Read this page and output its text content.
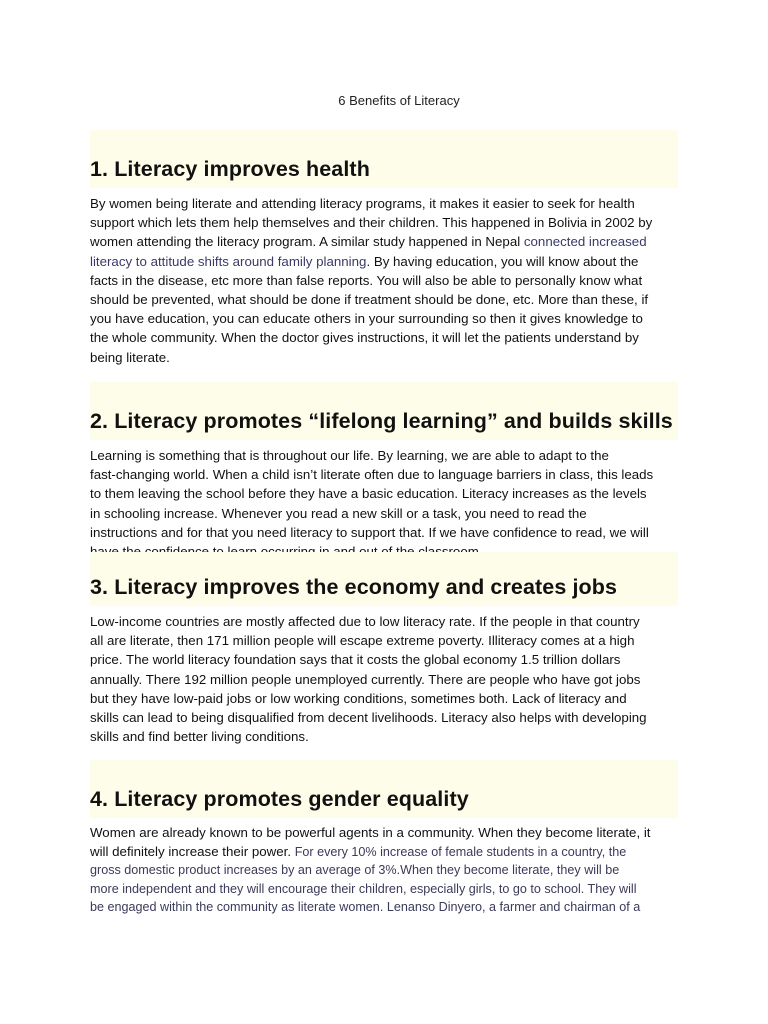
6 Benefits of Literacy
1. Literacy improves health
By women being literate and attending literacy programs, it makes it easier to seek for health
support which lets them help themselves and their children. This happened in Bolivia in 2002 by
women attending the literacy program. A similar study happened in Nepal connected increased
literacy to attitude shifts around family planning. By having education, you will know about the
facts in the disease, etc more than false reports. You will also be able to personally know what
should be prevented, what should be done if treatment should be done, etc. More than these, if
you have education, you can educate others in your surrounding so then it gives knowledge to
the whole community. When the doctor gives instructions, it will let the patients understand by
being literate.
2. Literacy promotes “lifelong learning” and builds skills
Learning is something that is throughout our life. By learning, we are able to adapt to the
fast-changing world. When a child isn’t literate often due to language barriers in class, this leads
to them leaving the school before they have a basic education. Literacy increases as the levels
in schooling increase. Whenever you read a new skill or a task, you need to read the
instructions and for that you need literacy to support that. If we have confidence to read, we will
3. Literacy improves the economy and creates jobs
Low-income countries are mostly affected due to low literacy rate. If the people in that country
all are literate, then 171 million people will escape extreme poverty. Illiteracy comes at a high
price. The world literacy foundation says that it costs the global economy 1.5 trillion dollars
annually. There 192 million people unemployed currently. There are people who have got jobs
but they have low-paid jobs or low working conditions, sometimes both. Lack of literacy and
skills can lead to being disqualified from decent livelihoods. Literacy also helps with developing
skills and find better living conditions.
4. Literacy promotes gender equality
Women are already known to be powerful agents in a community. When they become literate, it
will definitely increase their power. For every 10% increase of female students in a country, the
gross domestic product increases by an average of 3%.When they become literate, they will be
more independent and they will encourage their children, especially girls, to go to school. They will
be engaged within the community as literate women. Lenanso Dinyero, a farmer and chairman of a
